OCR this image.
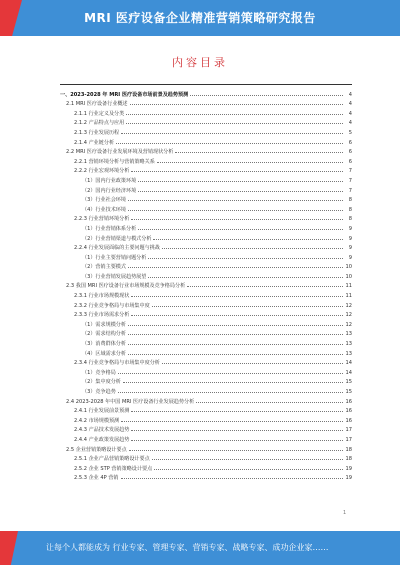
MRI 医疗设备企业精准营销策略研究报告
内容目录
一、2023-2028 年 MRI 医疗设备市场前景及趋势预测	4
2.1 MRI 医疗设备行业概述	4
2.1.1 行业定义及分类	4
2.1.2 产品特点与应用	4
2.1.3 行业发展历程	5
2.1.4 产业链分析	6
2.2 MRI 医疗设备行业发展环境及营销现状分析	6
2.2.1 营销环境分析与营销策略关系	6
2.2.2 行业宏观环境分析	7
（1）国内行业政策环境	7
（2）国内行业经济环境	7
（3）行业社会环境	8
（4）行业技术环境	8
2.2.3 行业营销环境分析	8
（1）行业营销体系分析	9
（2）行业营销渠道与模式分析	9
2.2.4 行业发展面临的主要问题与挑战	9
（1）行业主要营销问题分析	9
（2）营销主要模式	10
（3）行业营销发展趋势展望	10
2.3 我国 MRI 医疗设备行业市场规模及竞争格局分析	11
2.3.1 行业市场规模现状	11
2.3.2 行业竞争格局与市场集中度	12
2.3.3 行业市场需求分析	12
（1）需求规模分析	12
（2）需求结构分析	13
（3）消费群体分析	13
（4）区域需求分析	13
2.3.4 行业竞争格局与市场集中度分析	14
（1）竞争格局	14
（2）集中度分析	15
（3）竞争趋势	15
2.4 2023-2028 年中国 MRI 医疗设备行业发展趋势分析	16
2.4.1 行业发展前景预测	16
2.4.2 市场规模预测	16
2.4.3 产品技术发展趋势	17
2.4.4 产业政策发展趋势	17
2.5 企业营销策略设计要点	18
2.5.1 企业产品营销策略设计要点	18
2.5.2 企业 STP 营销策略设计要点	19
2.5.3 企业 4P 营销	19
1
让每个人都能成为 行业专家、管理专家、营销专家、战略专家、成功企业家……
